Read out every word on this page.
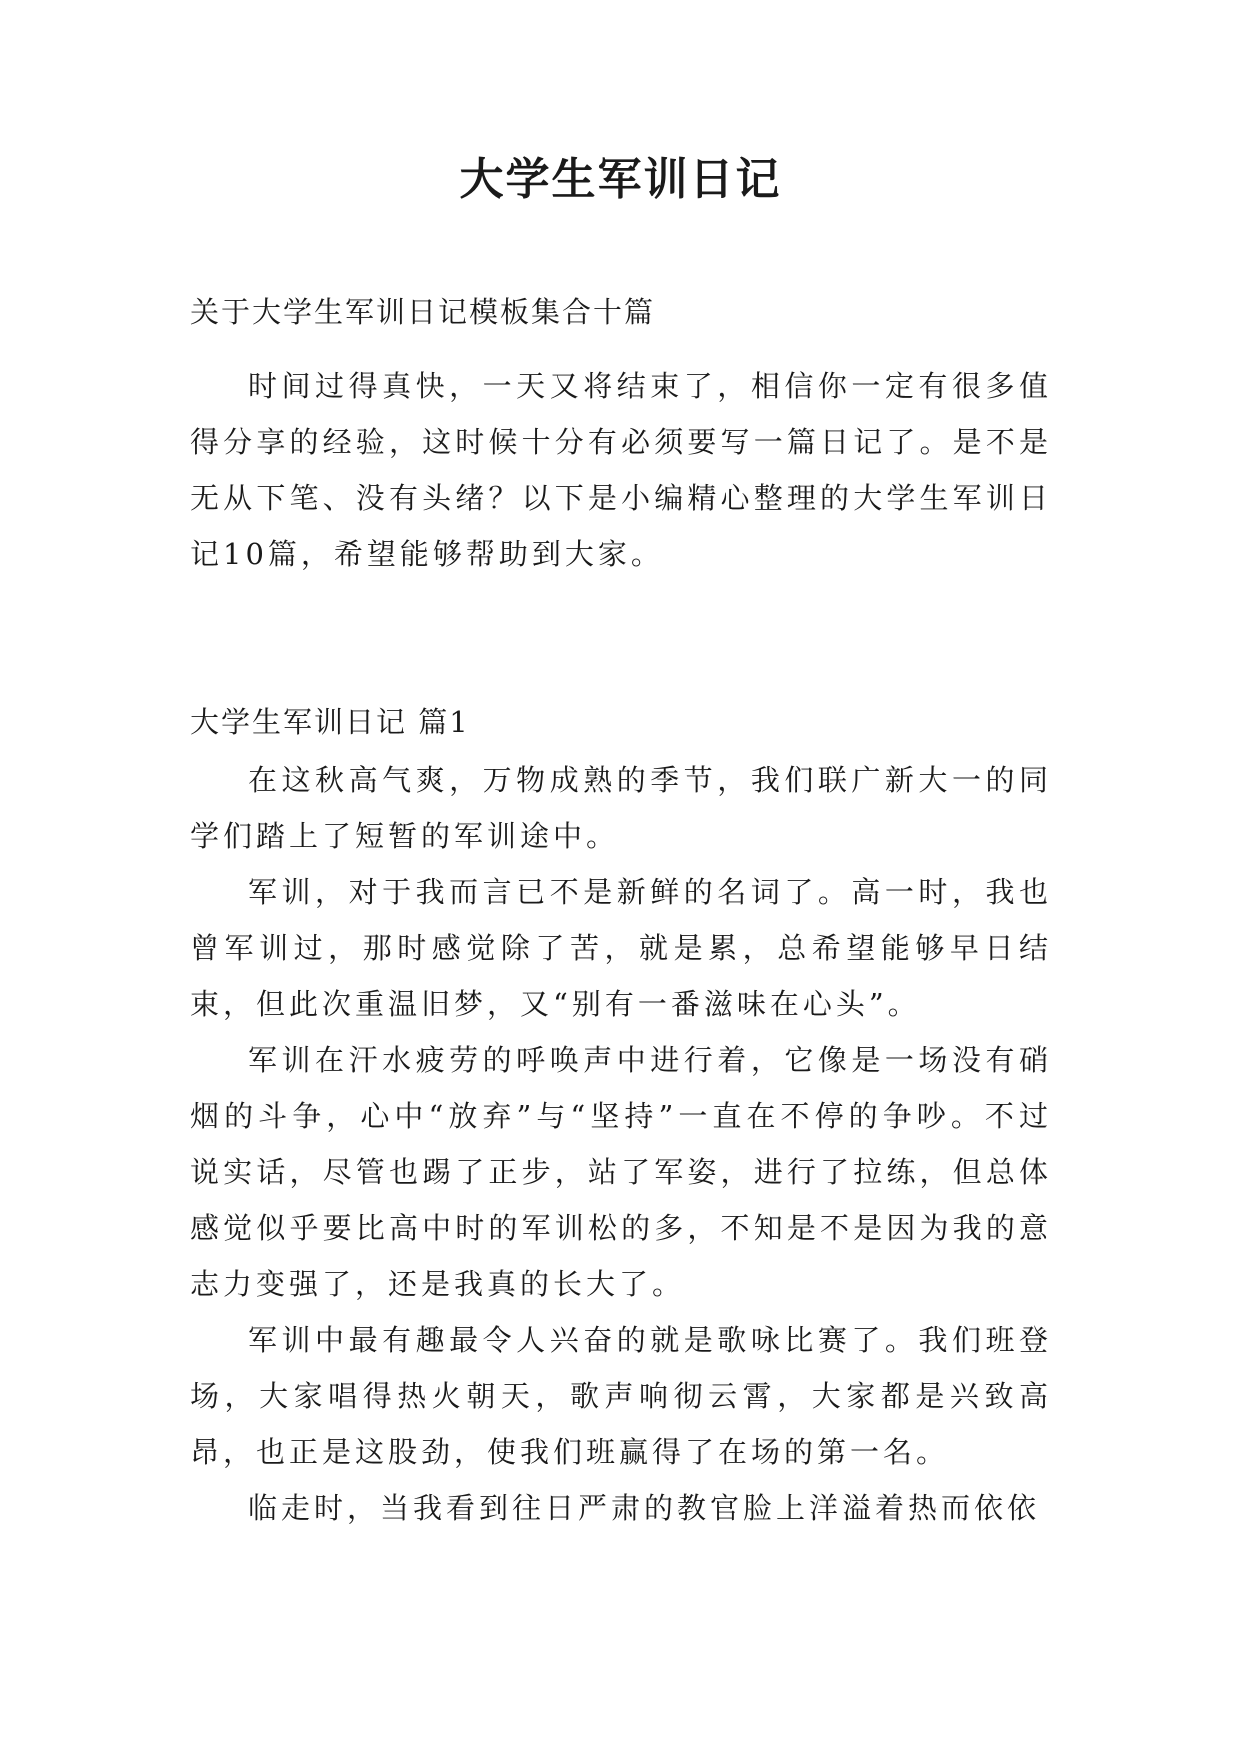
大学生军训日记

关于大学生军训日记模板集合十篇

时间过得真快，一天又将结束了，相信你一定有很多值得分享的经验，这时候十分有必须要写一篇日记了。是不是无从下笔、没有头绪？以下是小编精心整理的大学生军训日记10篇，希望能够帮助到大家。

大学生军训日记 篇1

在这秋高气爽，万物成熟的季节，我们联广新大一的同学们踏上了短暂的军训途中。

军训，对于我而言已不是新鲜的名词了。高一时，我也曾军训过，那时感觉除了苦，就是累，总希望能够早日结束，但此次重温旧梦，又“别有一番滋味在心头”。

军训在汗水疲劳的呼唤声中进行着，它像是一场没有硝烟的斗争，心中“放弃”与“坚持”一直在不停的争吵。不过说实话，尽管也踢了正步，站了军姿，进行了拉练，但总体感觉似乎要比高中时的军训松的多，不知是不是因为我的意志力变强了，还是我真的长大了。

军训中最有趣最令人兴奋的就是歌咏比赛了。我们班登场，大家唱得热火朝天，歌声响彻云霄，大家都是兴致高昂，也正是这股劲，使我们班赢得了在场的第一名。

临走时，当我看到往日严肃的教官脸上洋溢着热而依依
